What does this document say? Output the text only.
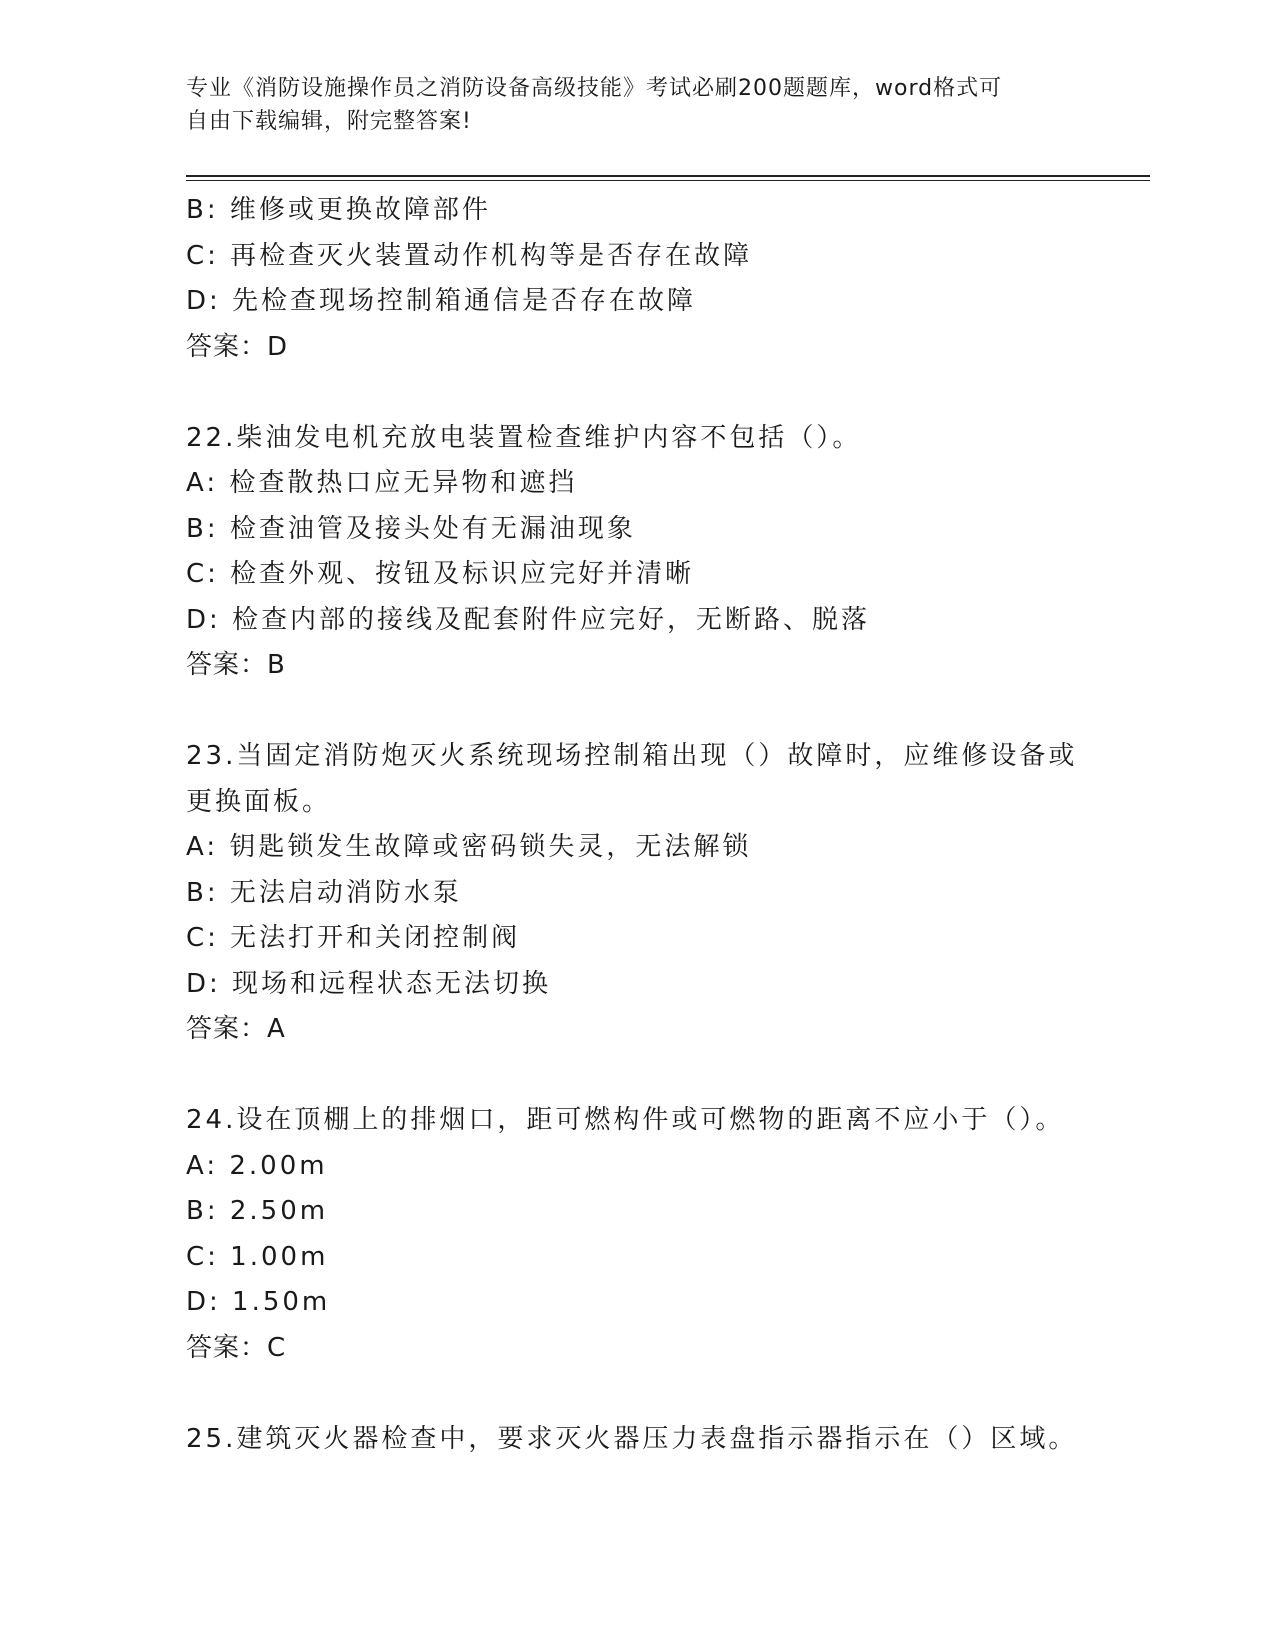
专业《消防设施操作员之消防设备高级技能》考试必刷200题题库，word格式可
自由下载编辑，附完整答案!
B: 维修或更换故障部件
C: 再检查灭火装置动作机构等是否存在故障
D: 先检查现场控制箱通信是否存在故障
答案：D
22.柴油发电机充放电装置检查维护内容不包括（）。
A: 检查散热口应无异物和遮挡
B: 检查油管及接头处有无漏油现象
C: 检查外观、按钮及标识应完好并清晰
D: 检查内部的接线及配套附件应完好，无断路、脱落
答案：B
23.当固定消防炮灭火系统现场控制箱出现（）故障时，应维修设备或
更换面板。
A: 钥匙锁发生故障或密码锁失灵，无法解锁
B: 无法启动消防水泵
C: 无法打开和关闭控制阀
D: 现场和远程状态无法切换
答案：A
24.设在顶棚上的排烟口，距可燃构件或可燃物的距离不应小于（）。
A: 2.00m
B: 2.50m
C: 1.00m
D: 1.50m
答案：C
25.建筑灭火器检查中，要求灭火器压力表盘指示器指示在（）区域。
